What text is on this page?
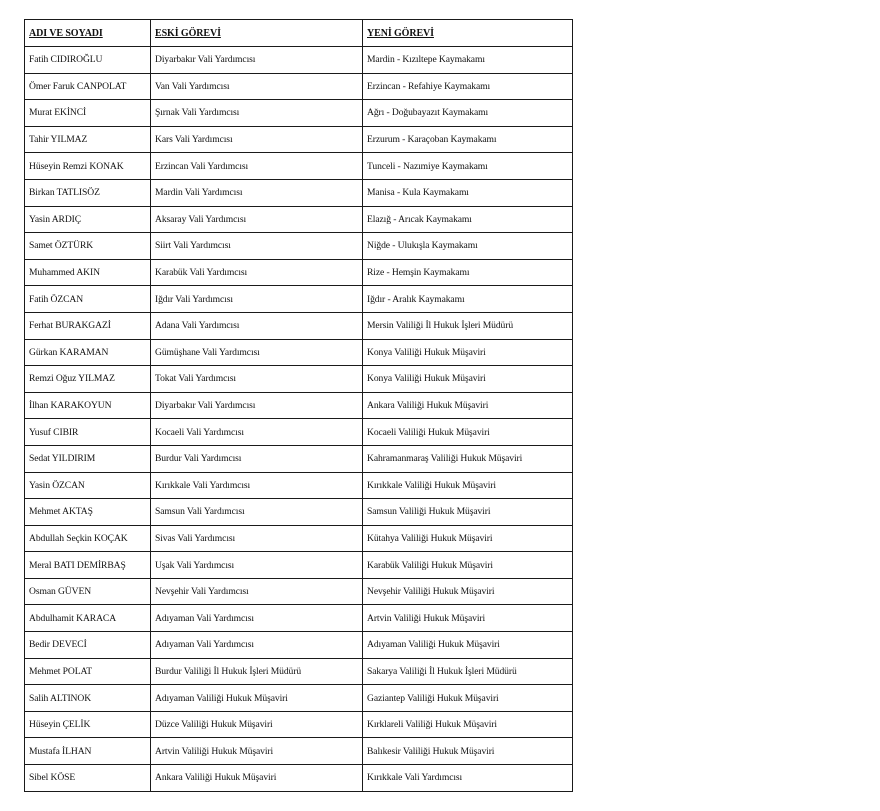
ADI VE SOYADI	ESKİ GÖREVİ	YENİ GÖREVİ
Fatih CIDIROĞLU	Diyarbakır Vali Yardımcısı	Mardin - Kızıltepe Kaymakamı
Ömer Faruk CANPOLAT	Van Vali Yardımcısı	Erzincan - Refahiye Kaymakamı
Murat EKİNCİ	Şırnak Vali Yardımcısı	Ağrı - Doğubayazıt Kaymakamı
Tahir YILMAZ	Kars Vali Yardımcısı	Erzurum - Karaçoban Kaymakamı
Hüseyin Remzi KONAK	Erzincan Vali Yardımcısı	Tunceli - Nazımiye Kaymakamı
Birkan TATLISÖZ	Mardin Vali Yardımcısı	Manisa - Kula Kaymakamı
Yasin ARDIÇ	Aksaray Vali Yardımcısı	Elazığ - Arıcak Kaymakamı
Samet ÖZTÜRK	Siirt Vali Yardımcısı	Niğde - Ulukışla Kaymakamı
Muhammed AKIN	Karabük Vali Yardımcısı	Rize - Hemşin Kaymakamı
Fatih ÖZCAN	Iğdır Vali Yardımcısı	Iğdır - Aralık Kaymakamı
Ferhat BURAKGAZİ	Adana Vali Yardımcısı	Mersin Valiliği İl Hukuk İşleri Müdürü
Gürkan KARAMAN	Gümüşhane Vali Yardımcısı	Konya Valiliği Hukuk Müşaviri
Remzi Oğuz YILMAZ	Tokat Vali Yardımcısı	Konya Valiliği Hukuk Müşaviri
İlhan KARAKOYUN	Diyarbakır Vali Yardımcısı	Ankara Valiliği Hukuk Müşaviri
Yusuf CIBIR	Kocaeli Vali Yardımcısı	Kocaeli Valiliği Hukuk Müşaviri
Sedat YILDIRIM	Burdur Vali Yardımcısı	Kahramanmaraş Valiliği Hukuk Müşaviri
Yasin ÖZCAN	Kırıkkale Vali Yardımcısı	Kırıkkale Valiliği Hukuk Müşaviri
Mehmet AKTAŞ	Samsun Vali Yardımcısı	Samsun Valiliği Hukuk Müşaviri
Abdullah Seçkin KOÇAK	Sivas Vali Yardımcısı	Kütahya Valiliği Hukuk Müşaviri
Meral BATI DEMİRBAŞ	Uşak Vali Yardımcısı	Karabük Valiliği Hukuk Müşaviri
Osman GÜVEN	Nevşehir Vali Yardımcısı	Nevşehir Valiliği Hukuk Müşaviri
Abdulhamit KARACA	Adıyaman Vali Yardımcısı	Artvin Valiliği Hukuk Müşaviri
Bedir DEVECİ	Adıyaman Vali Yardımcısı	Adıyaman Valiliği Hukuk Müşaviri
Mehmet POLAT	Burdur Valiliği İl Hukuk İşleri Müdürü	Sakarya Valiliği İl Hukuk İşleri Müdürü
Salih ALTINOK	Adıyaman Valiliği Hukuk Müşaviri	Gaziantep Valiliği Hukuk Müşaviri
Hüseyin ÇELİK	Düzce Valiliği Hukuk Müşaviri	Kırklareli Valiliği Hukuk Müşaviri
Mustafa İLHAN	Artvin Valiliği Hukuk Müşaviri	Balıkesir Valiliği Hukuk Müşaviri
Sibel KÖSE	Ankara Valiliği Hukuk Müşaviri	Kırıkkale Vali Yardımcısı
